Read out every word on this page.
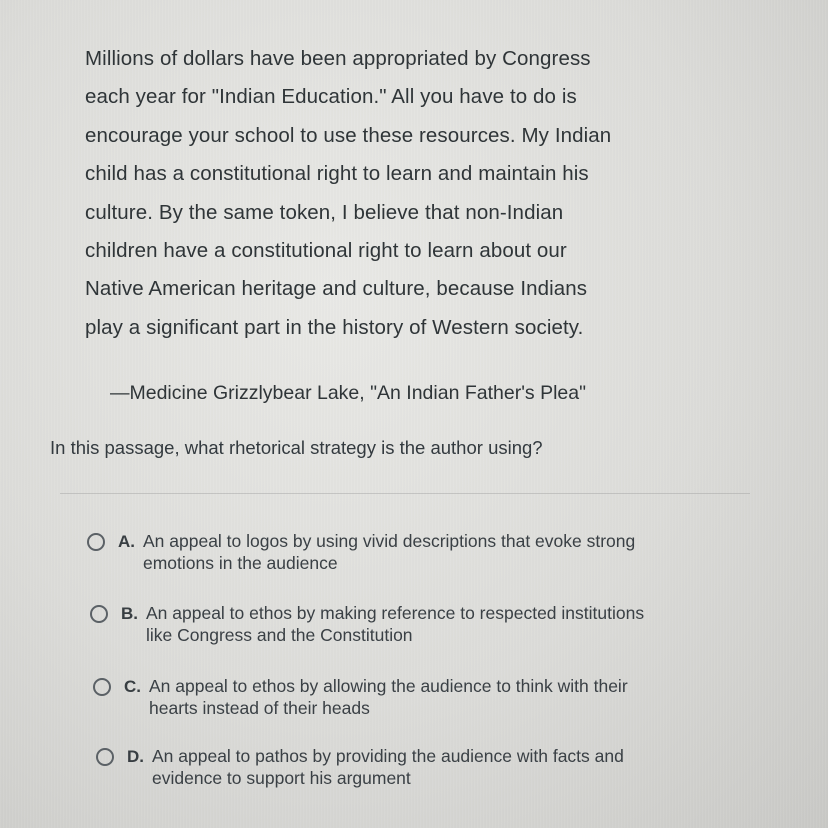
Millions of dollars have been appropriated by Congress
each year for "Indian Education." All you have to do is
encourage your school to use these resources. My Indian
child has a constitutional right to learn and maintain his
culture. By the same token, I believe that non-Indian
children have a constitutional right to learn about our
Native American heritage and culture, because Indians
play a significant part in the history of Western society.
—Medicine Grizzlybear Lake, "An Indian Father's Plea"
In this passage, what rhetorical strategy is the author using?
A. An appeal to logos by using vivid descriptions that evoke strong
emotions in the audience
B. An appeal to ethos by making reference to respected institutions
like Congress and the Constitution
C. An appeal to ethos by allowing the audience to think with their
hearts instead of their heads
D. An appeal to pathos by providing the audience with facts and
evidence to support his argument
